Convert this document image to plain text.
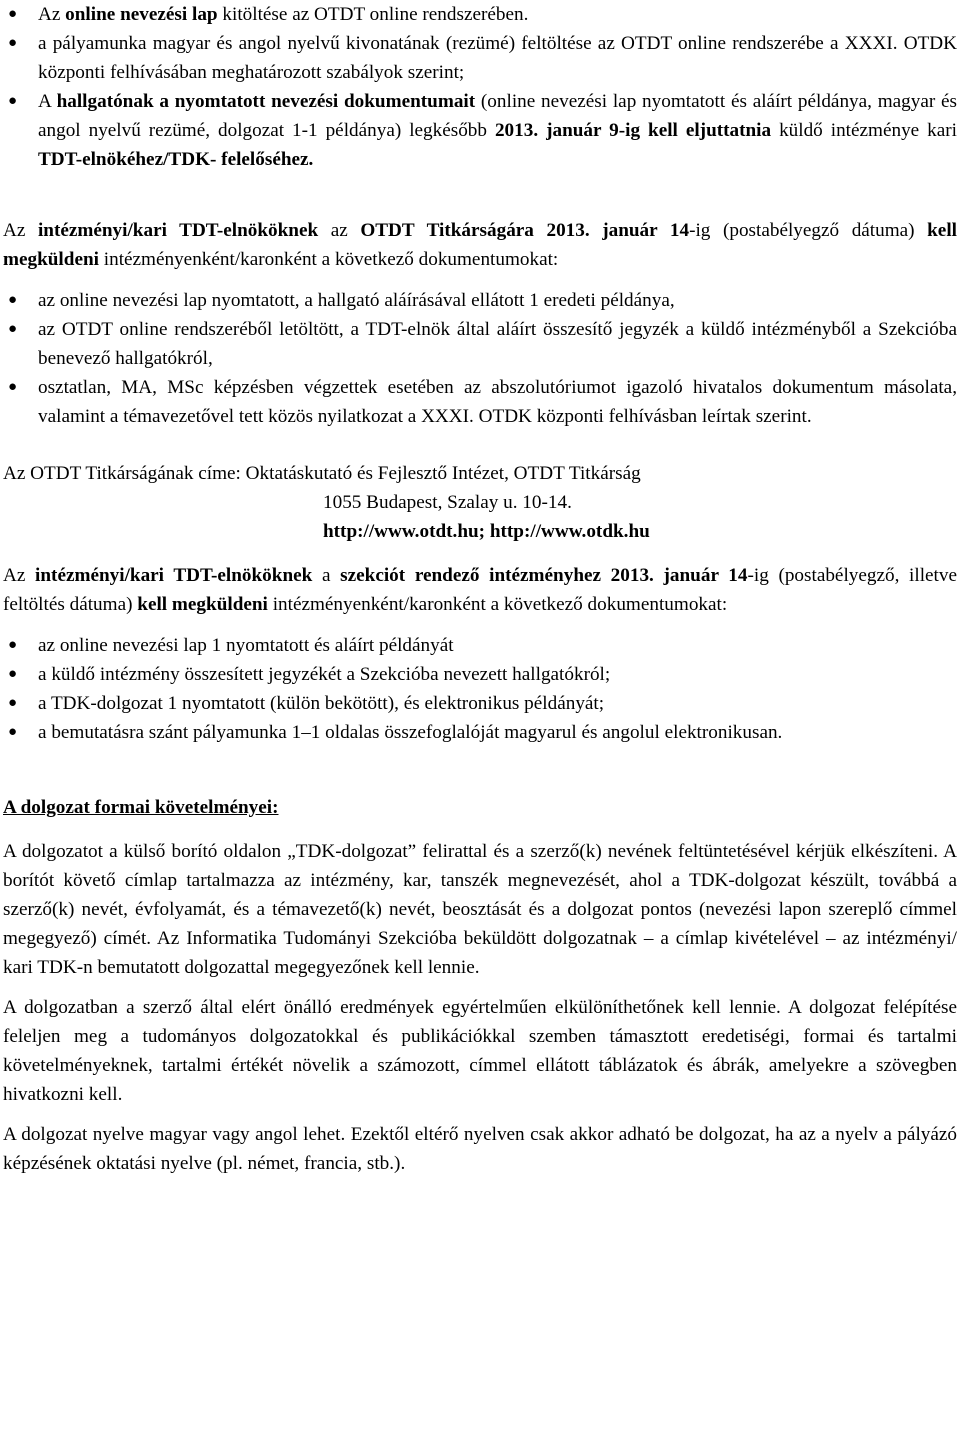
● Az online nevezési lap kitöltése az OTDT online rendszerében.
● a pályamunka magyar és angol nyelvű kivonatának (rezümé) feltöltése az OTDT online rendszerébe a XXXI. OTDK központi felhívásában meghatározott szabályok szerint;
● A hallgatónak a nyomtatott nevezési dokumentumait (online nevezési lap nyomtatott és aláírt példánya, magyar és angol nyelvű rezümé, dolgozat 1-1 példánya) legkésőbb 2013. január 9-ig kell eljuttatnia küldő intézménye kari TDT-elnökéhez/TDK- felelőséhez.

Az intézményi/kari TDT-elnököknek az OTDT Titkárságára 2013. január 14-ig (postabélyegző dátuma) kell megküldeni intézményenként/karonként a következő dokumentumokat:

● az online nevezési lap nyomtatott, a hallgató aláírásával ellátott 1 eredeti példánya,
● az OTDT online rendszeréből letöltött, a TDT-elnök által aláírt összesítő jegyzék a küldő intézményből a Szekcióba benevező hallgatókról,
● osztatlan, MA, MSc képzésben végzettek esetében az abszolutóriumot igazoló hivatalos dokumentum másolata, valamint a témavezetővel tett közös nyilatkozat a XXXI. OTDK központi felhívásban leírtak szerint.

Az OTDT Titkárságának címe: Oktatáskutató és Fejlesztő Intézet, OTDT Titkárság

1055 Budapest, Szalay u. 10-14.

http://www.otdt.hu; http://www.otdk.hu

Az intézményi/kari TDT-elnököknek a szekciót rendező intézményhez 2013. január 14-ig (postabélyegző, illetve feltöltés dátuma) kell megküldeni intézményenként/karonként a következő dokumentumokat:

● az online nevezési lap 1 nyomtatott és aláírt példányát
● a küldő intézmény összesített jegyzékét a Szekcióba nevezett hallgatókról;
● a TDK-dolgozat 1 nyomtatott (külön bekötött), és elektronikus példányát;
● a bemutatásra szánt pályamunka 1–1 oldalas összefoglalóját magyarul és angolul elektronikusan.

A dolgozat formai követelményei:

A dolgozatot a külső borító oldalon „TDK-dolgozat” felirattal és a szerző(k) nevének feltüntetésével kérjük elkészíteni. A borítót követő címlap tartalmazza az intézmény, kar, tanszék megnevezését, ahol a TDK-dolgozat készült, továbbá a szerző(k) nevét, évfolyamát, és a témavezető(k) nevét, beosztását és a dolgozat pontos (nevezési lapon szereplő címmel megegyező) címét. Az Informatika Tudományi Szekcióba beküldött dolgozatnak – a címlap kivételével – az intézményi/ kari TDK-n bemutatott dolgozattal megegyezőnek kell lennie.

A dolgozatban a szerző által elért önálló eredmények egyértelműen elkülöníthetőnek kell lennie. A dolgozat felépítése feleljen meg a tudományos dolgozatokkal és publikációkkal szemben támasztott eredetiségi, formai és tartalmi követelményeknek, tartalmi értékét növelik a számozott, címmel ellátott táblázatok és ábrák, amelyekre a szövegben hivatkozni kell.

A dolgozat nyelve magyar vagy angol lehet. Ezektől eltérő nyelven csak akkor adható be dolgozat, ha az a nyelv a pályázó képzésének oktatási nyelve (pl. német, francia, stb.).
